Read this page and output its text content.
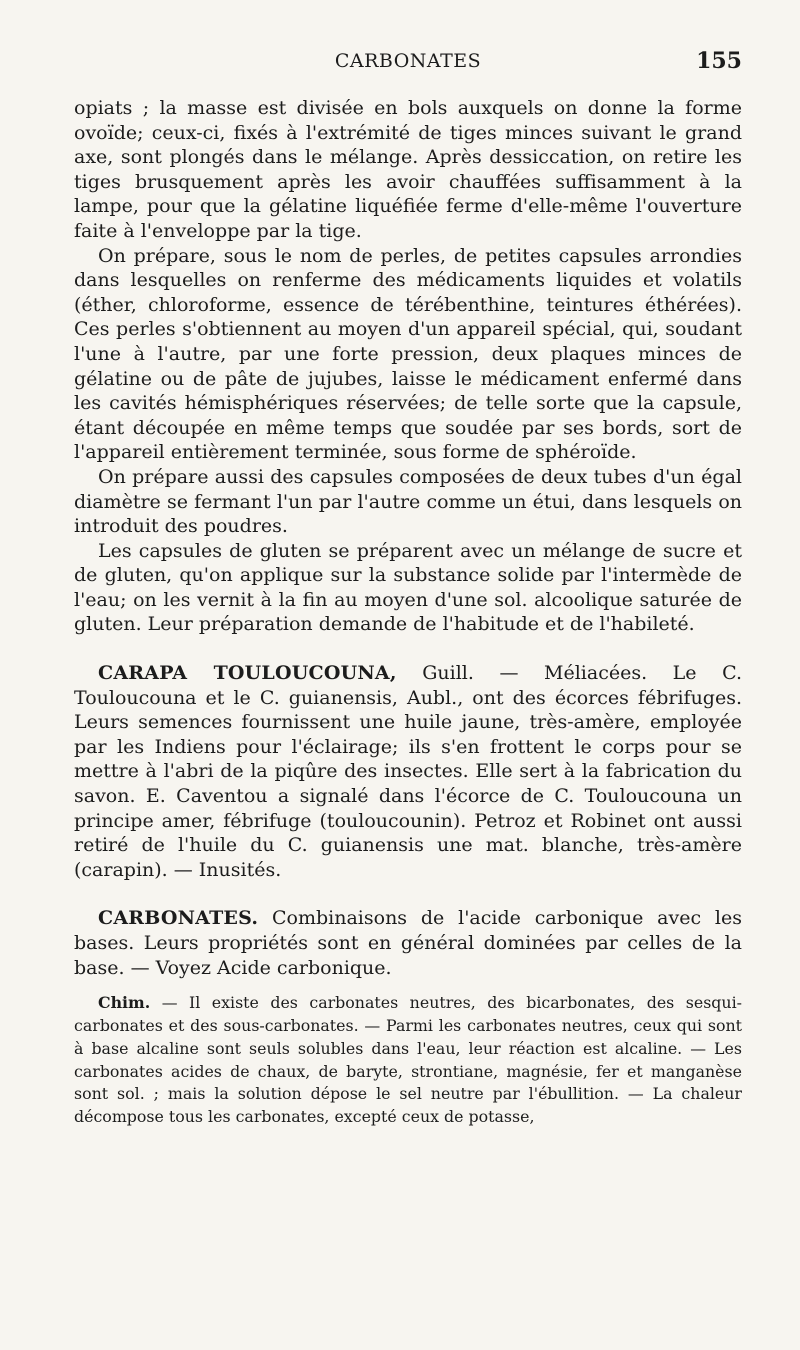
CARBONATES	155

opiats ; la masse est divisée en bols auxquels on donne la forme ovoïde; ceux-ci, fixés à l'extrémité de tiges minces suivant le grand axe, sont plongés dans le mélange. Après dessiccation, on retire les tiges brusquement après les avoir chauffées suffisamment à la lampe, pour que la gélatine liquéfiée ferme d'elle-même l'ouverture faite à l'enveloppe par la tige.

On prépare, sous le nom de perles, de petites capsules arrondies dans lesquelles on renferme des médicaments liquides et volatils (éther, chloroforme, essence de térébenthine, teintures éthérées). Ces perles s'obtiennent au moyen d'un appareil spécial, qui, soudant l'une à l'autre, par une forte pression, deux plaques minces de gélatine ou de pâte de jujubes, laisse le médicament enfermé dans les cavités hémisphériques réservées; de telle sorte que la capsule, étant découpée en même temps que soudée par ses bords, sort de l'appareil entièrement terminée, sous forme de sphéroïde.

On prépare aussi des capsules composées de deux tubes d'un égal diamètre se fermant l'un par l'autre comme un étui, dans lesquels on introduit des poudres.

Les capsules de gluten se préparent avec un mélange de sucre et de gluten, qu'on applique sur la substance solide par l'intermède de l'eau; on les vernit à la fin au moyen d'une sol. alcoolique saturée de gluten. Leur préparation demande de l'habitude et de l'habileté.

CARAPA TOULOUCOUNA, Guill. — Méliacées. Le C. Touloucouna et le C. guianensis, Aubl., ont des écorces fébrifuges. Leurs semences fournissent une huile jaune, très-amère, employée par les Indiens pour l'éclairage; ils s'en frottent le corps pour se mettre à l'abri de la piqûre des insectes. Elle sert à la fabrication du savon. E. Caventou a signalé dans l'écorce de C. Touloucouna un principe amer, fébrifuge (touloucounin). Petroz et Robinet ont aussi retiré de l'huile du C. guianensis une mat. blanche, très-amère (carapin). — Inusités.

CARBONATES. Combinaisons de l'acide carbonique avec les bases. Leurs propriétés sont en général dominées par celles de la base. — Voyez Acide carbonique.

Chim. — Il existe des carbonates neutres, des bicarbonates, des sesqui-carbonates et des sous-carbonates. — Parmi les carbonates neutres, ceux qui sont à base alcaline sont seuls solubles dans l'eau, leur réaction est alcaline. — Les carbonates acides de chaux, de baryte, strontiane, magnésie, fer et manganèse sont sol. ; mais la solution dépose le sel neutre par l'ébullition. — La chaleur décompose tous les carbonates, excepté ceux de potasse,
